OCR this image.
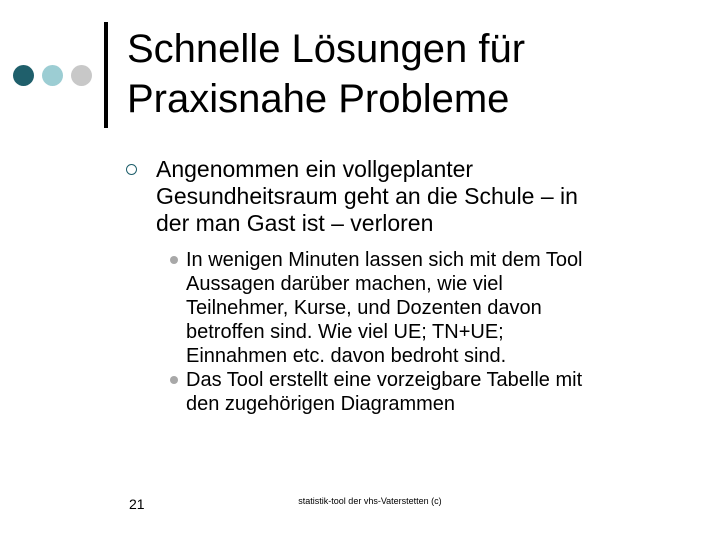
Schnelle Lösungen für
Praxisnahe Probleme
Angenommen ein vollgeplanter
Gesundheitsraum geht an die Schule – in
der man Gast ist – verloren
In wenigen Minuten lassen sich mit dem Tool
Aussagen darüber machen, wie viel
Teilnehmer, Kurse, und Dozenten davon
betroffen sind. Wie viel UE; TN+UE;
Einnahmen etc. davon bedroht sind.
Das Tool erstellt eine vorzeigbare Tabelle mit
den zugehörigen Diagrammen
21	statistik-tool der vhs-Vaterstetten (c)
